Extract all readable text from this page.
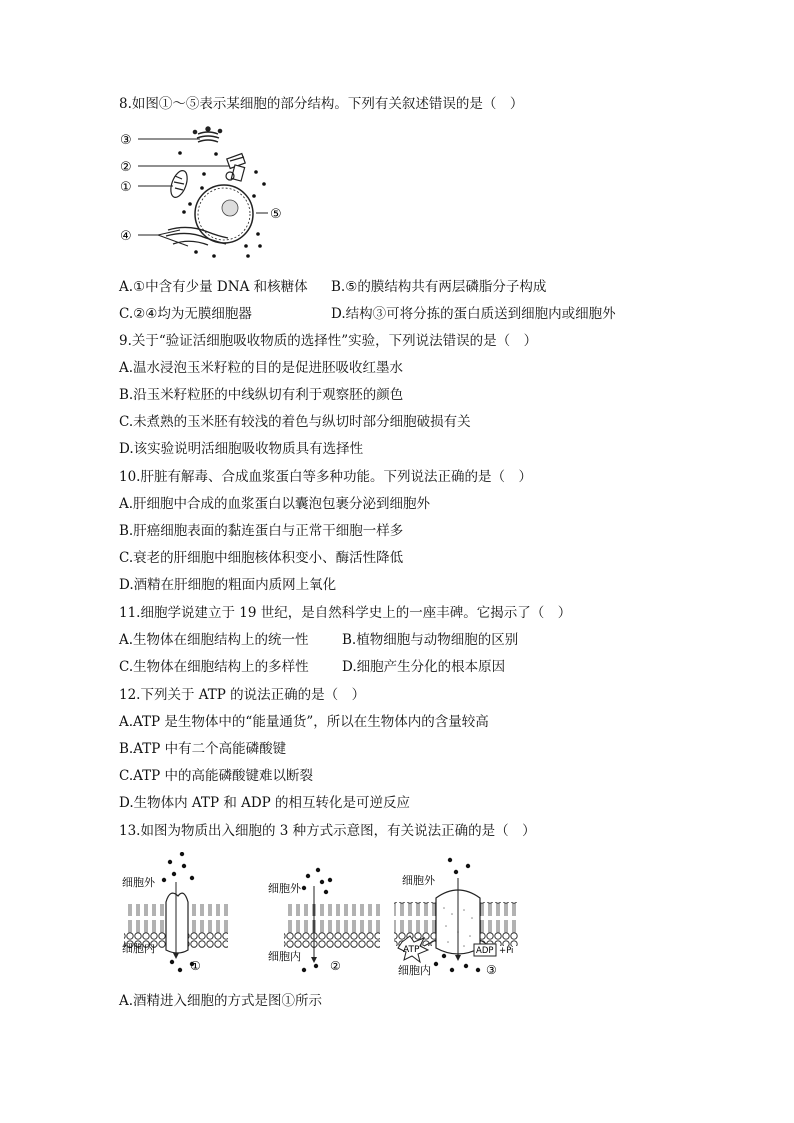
8.如图①～⑤表示某细胞的部分结构。下列有关叙述错误的是（　）
③
②
①
④
⑤
A.①中含有少量 DNA 和核糖体 B.⑤的膜结构共有两层磷脂分子构成
C.②④均为无膜细胞器	D.结构③可将分拣的蛋白质送到细胞内或细胞外
9.关于“验证活细胞吸收物质的选择性”实验，下列说法错误的是（　）
A.温水浸泡玉米籽粒的目的是促进胚吸收红墨水
B.沿玉米籽粒胚的中线纵切有利于观察胚的颜色
C.未煮熟的玉米胚有较浅的着色与纵切时部分细胞破损有关
D.该实验说明活细胞吸收物质具有选择性
10.肝脏有解毒、合成血浆蛋白等多种功能。下列说法正确的是（　）
A.肝细胞中合成的血浆蛋白以囊泡包裹分泌到细胞外
B.肝癌细胞表面的黏连蛋白与正常干细胞一样多
C.衰老的肝细胞中细胞核体积变小、酶活性降低
D.酒精在肝细胞的粗面内质网上氧化
11.细胞学说建立于 19 世纪，是自然科学史上的一座丰碑。它揭示了（　）
A.生物体在细胞结构上的统一性 B.植物细胞与动物细胞的区别
C.生物体在细胞结构上的多样性 D.细胞产生分化的根本原因
12.下列关于 ATP 的说法正确的是（　）
A.ATP 是生物体中的“能量通货”，所以在生物体内的含量较高
B.ATP 中有二个高能磷酸键
C.ATP 中的高能磷酸键难以断裂
D.生物体内 ATP 和 ADP 的相互转化是可逆反应
13.如图为物质出入细胞的 3 种方式示意图，有关说法正确的是（　）
细胞外
细胞内
①
细胞外
细胞内
②
细胞外
ATP	ADP +Pi
细胞内	③
A.酒精进入细胞的方式是图①所示
